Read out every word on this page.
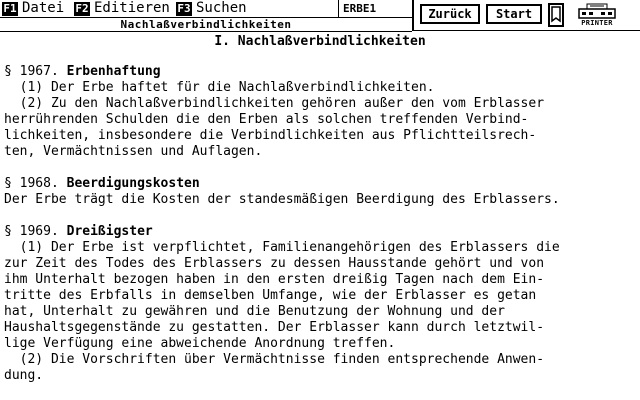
F1 Datei F2 Editieren F3 Suchen	ERBE1
Nachlaßverbindlichkeiten
Zurück	Start
PRINTER
I. Nachlaßverbindlichkeiten
§ 1967. Erbenhaftung
(1) Der Erbe haftet für die Nachlaßverbindlichkeiten.
(2) Zu den Nachlaßverbindlichkeiten gehören außer den vom Erblasser
herrührenden Schulden die den Erben als solchen treffenden Verbind-
lichkeiten, insbesondere die Verbindlichkeiten aus Pflichtteilsrech-
ten, Vermächtnissen und Auflagen.
§ 1968. Beerdigungskosten
Der Erbe trägt die Kosten der standesmäßigen Beerdigung des Erblassers.
§ 1969. Dreißigster
(1) Der Erbe ist verpflichtet, Familienangehörigen des Erblassers die
zur Zeit des Todes des Erblassers zu dessen Hausstande gehört und von
ihm Unterhalt bezogen haben in den ersten dreißig Tagen nach dem Ein-
tritte des Erbfalls in demselben Umfange, wie der Erblasser es getan
hat, Unterhalt zu gewähren und die Benutzung der Wohnung und der
Haushaltsgegenstände zu gestatten. Der Erblasser kann durch letztwil-
lige Verfügung eine abweichende Anordnung treffen.
(2) Die Vorschriften über Vermächtnisse finden entsprechende Anwen-
dung.
